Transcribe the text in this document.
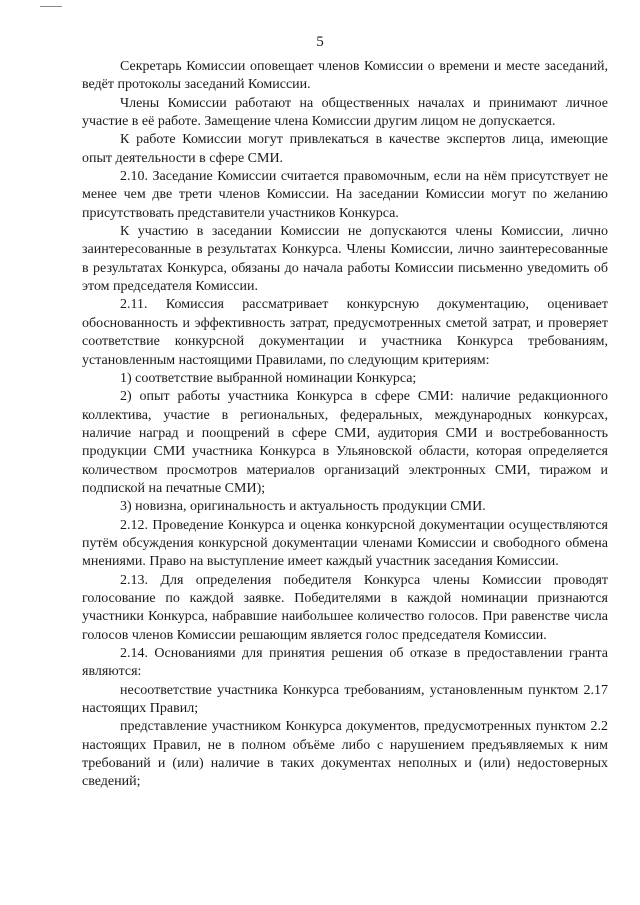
5

Секретарь Комиссии оповещает членов Комиссии о времени и месте заседаний, ведёт протоколы заседаний Комиссии.

Члены Комиссии работают на общественных началах и принимают личное участие в её работе. Замещение члена Комиссии другим лицом не допускается.

К работе Комиссии могут привлекаться в качестве экспертов лица, имеющие опыт деятельности в сфере СМИ.

2.10. Заседание Комиссии считается правомочным, если на нём присутствует не менее чем две трети членов Комиссии. На заседании Комиссии могут по желанию присутствовать представители участников Конкурса.

К участию в заседании Комиссии не допускаются члены Комиссии, лично заинтересованные в результатах Конкурса. Члены Комиссии, лично заинтересованные в результатах Конкурса, обязаны до начала работы Комиссии письменно уведомить об этом председателя Комиссии.

2.11. Комиссия рассматривает конкурсную документацию, оценивает обоснованность и эффективность затрат, предусмотренных сметой затрат, и проверяет соответствие конкурсной документации и участника Конкурса требованиям, установленным настоящими Правилами, по следующим критериям:

1) соответствие выбранной номинации Конкурса;

2) опыт работы участника Конкурса в сфере СМИ: наличие редакционного коллектива, участие в региональных, федеральных, международных конкурсах, наличие наград и поощрений в сфере СМИ, аудитория СМИ и востребованность продукции СМИ участника Конкурса в Ульяновской области, которая определяется количеством просмотров материалов организаций электронных СМИ, тиражом и подпиской на печатные СМИ);

3) новизна, оригинальность и актуальность продукции СМИ.

2.12. Проведение Конкурса и оценка конкурсной документации осуществляются путём обсуждения конкурсной документации членами Комиссии и свободного обмена мнениями. Право на выступление имеет каждый участник заседания Комиссии.

2.13. Для определения победителя Конкурса члены Комиссии проводят голосование по каждой заявке. Победителями в каждой номинации признаются участники Конкурса, набравшие наибольшее количество голосов. При равенстве числа голосов членов Комиссии решающим является голос председателя Комиссии.

2.14. Основаниями для принятия решения об отказе в предоставлении гранта являются:

несоответствие участника Конкурса требованиям, установленным пунктом 2.17 настоящих Правил;

представление участником Конкурса документов, предусмотренных пунктом 2.2 настоящих Правил, не в полном объёме либо с нарушением предъявляемых к ним требований и (или) наличие в таких документах неполных и (или) недостоверных сведений;
